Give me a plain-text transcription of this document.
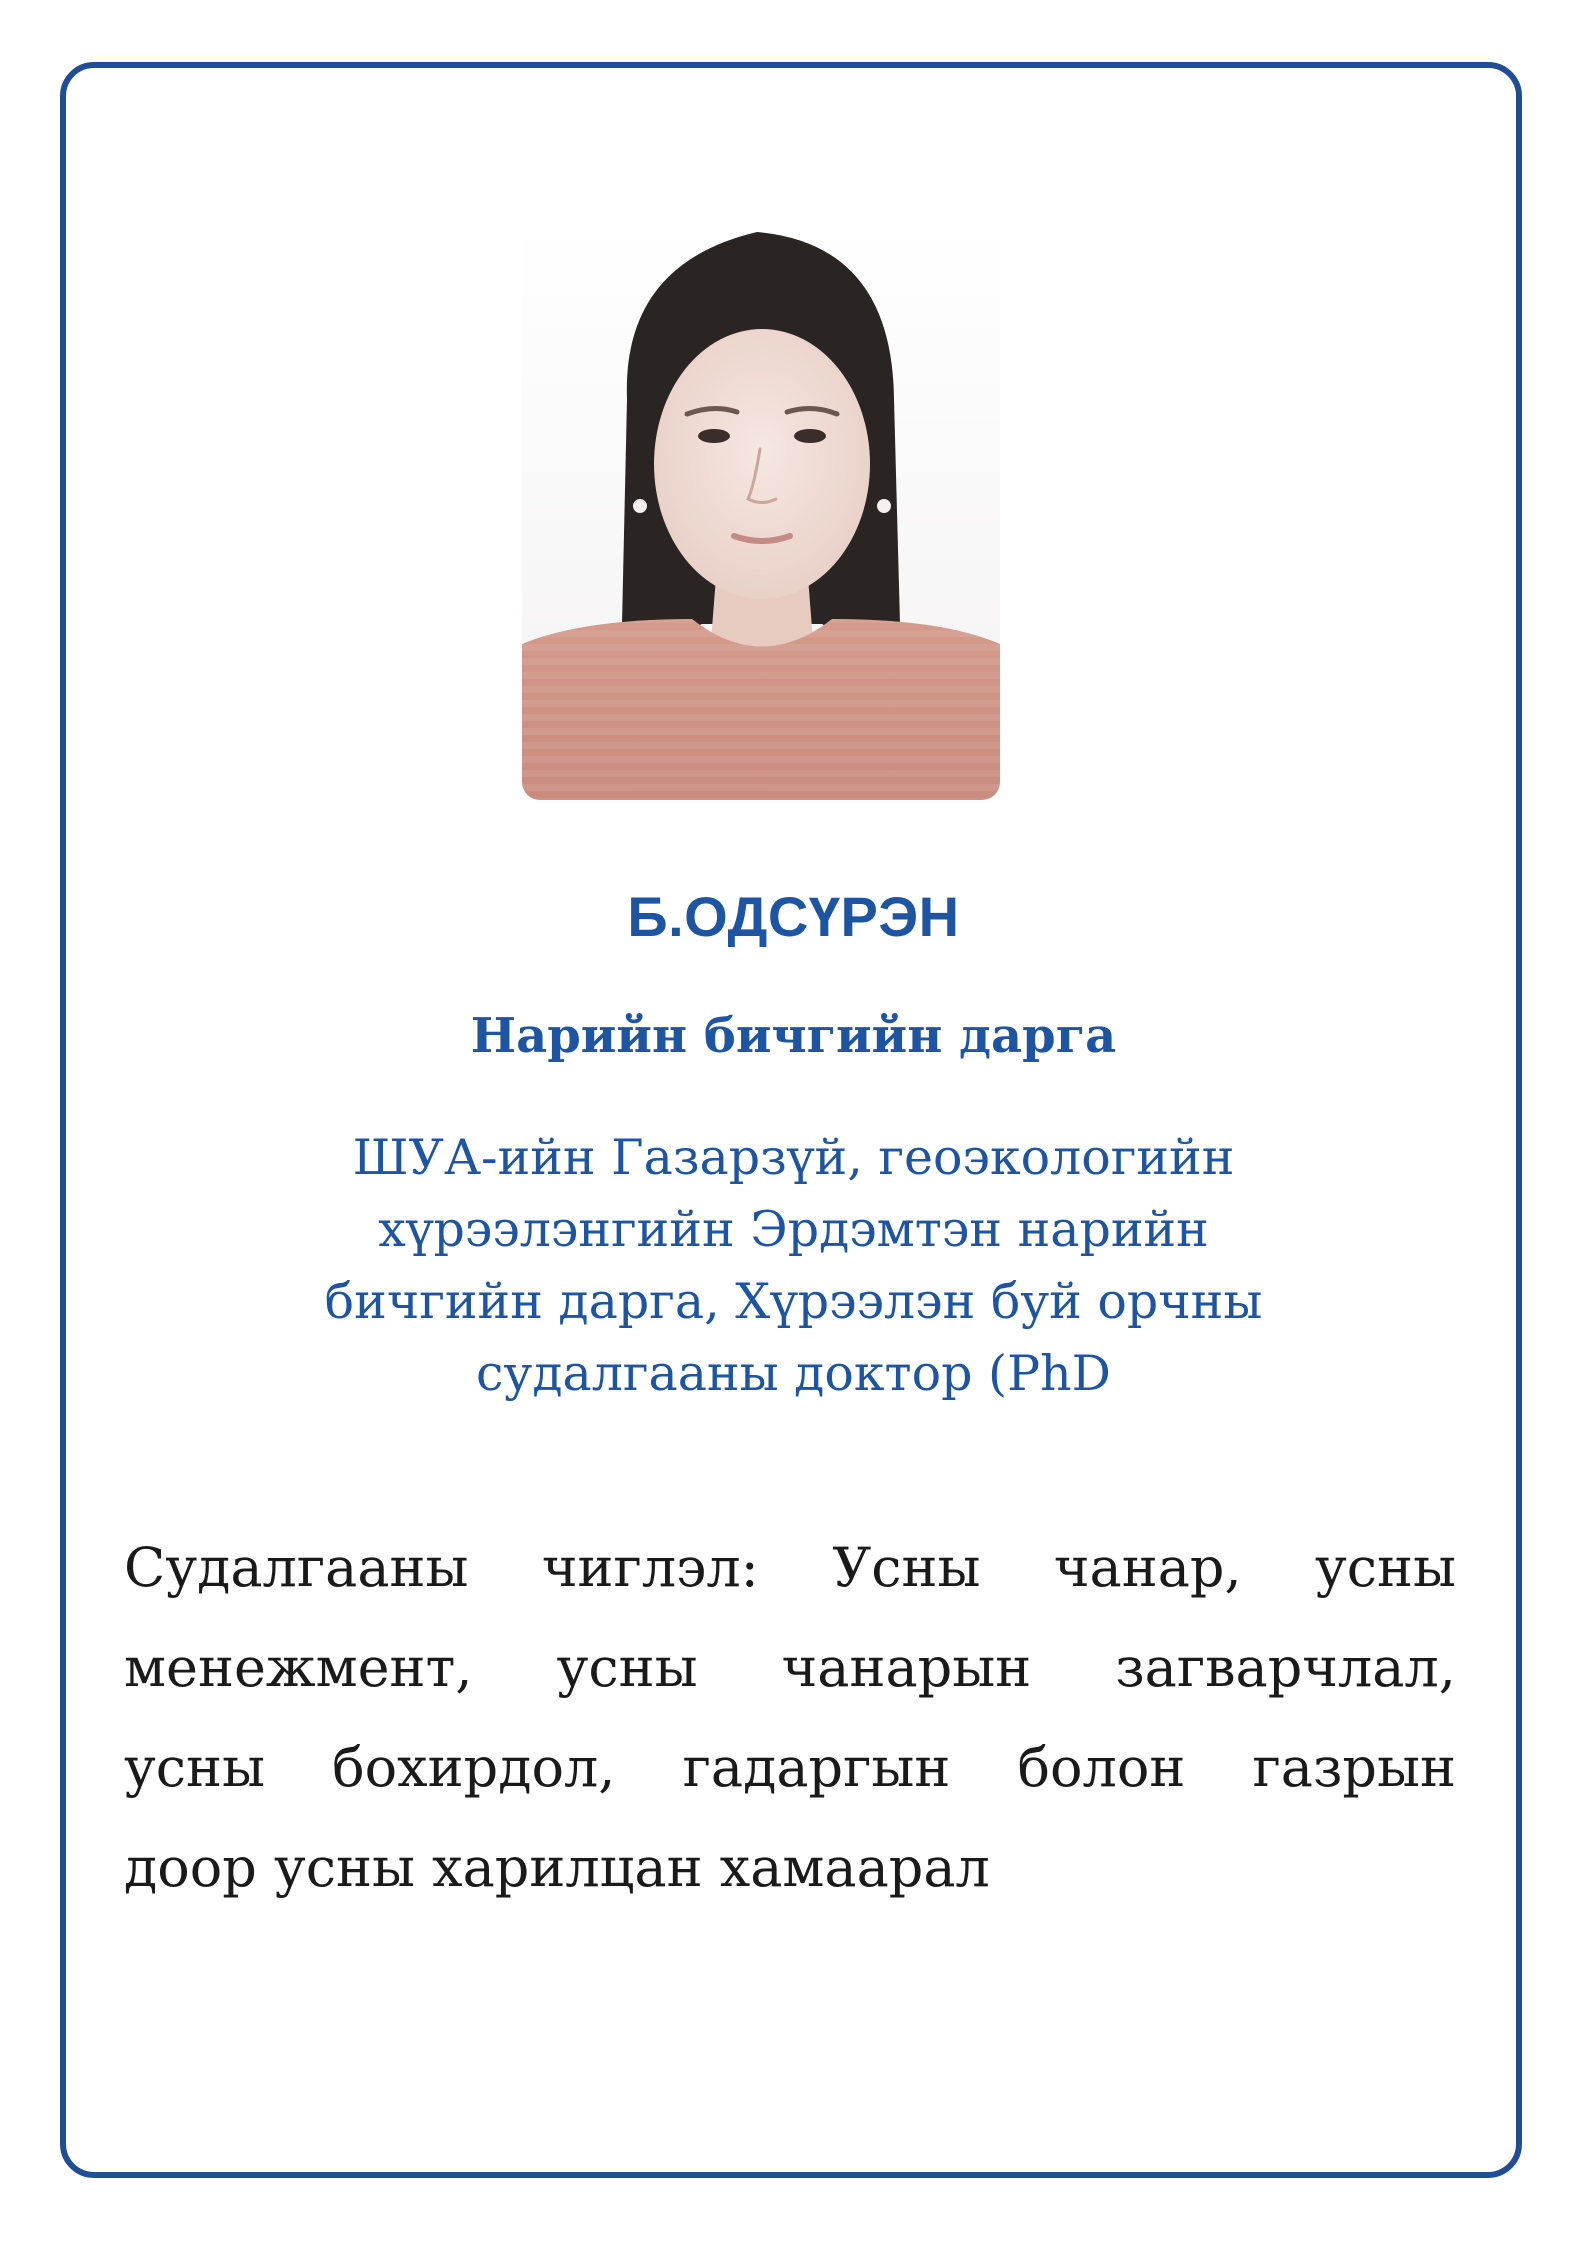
Б.ОДСҮРЭН
Нарийн бичгийн дарга
ШУА-ийн Газарзүй, геоэкологийн
хүрээлэнгийн Эрдэмтэн нарийн
бичгийн дарга, Хүрээлэн буй орчны
судалгааны доктор (PhD
Судалгааны чиглэл: Усны чанар, усны
менежмент, усны чанарын загварчлал,
усны бохирдол, гадаргын болон газрын
доор усны харилцан хамаарал
